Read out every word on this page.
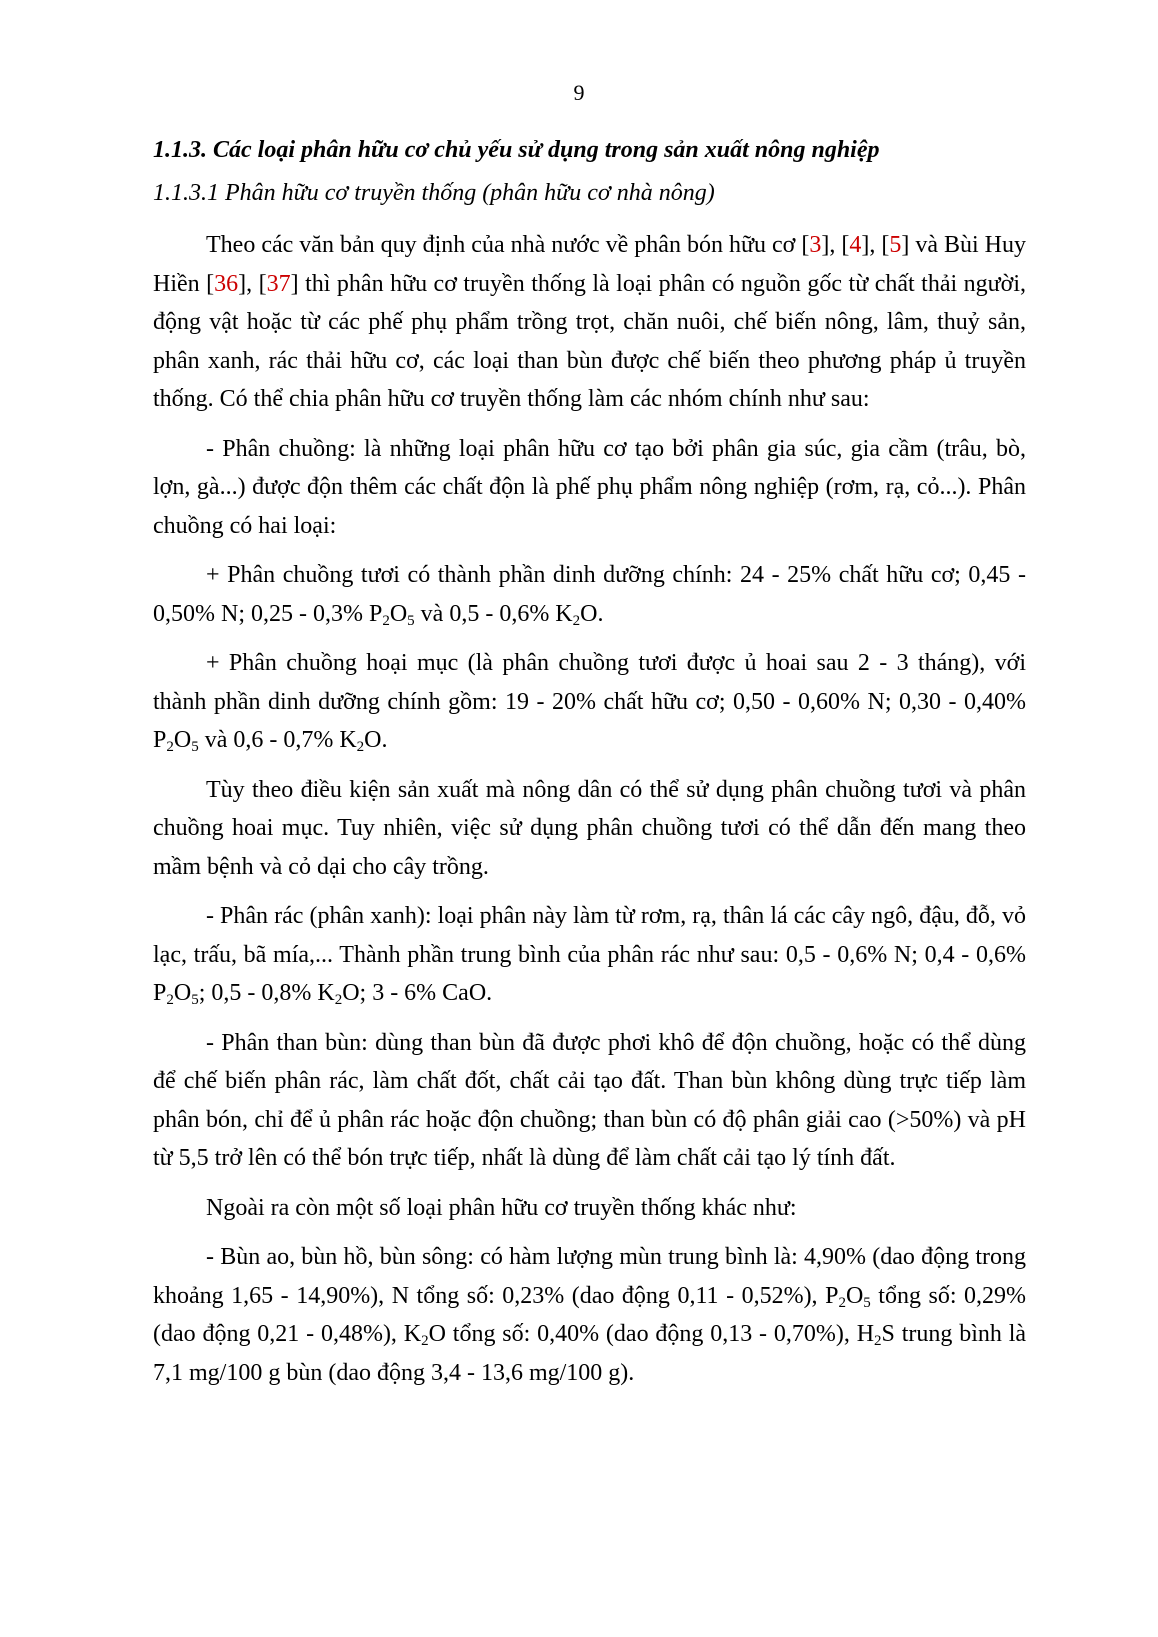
9

1.1.3. Các loại phân hữu cơ chủ yếu sử dụng trong sản xuất nông nghiệp

1.1.3.1 Phân hữu cơ truyền thống (phân hữu cơ nhà nông)

Theo các văn bản quy định của nhà nước về phân bón hữu cơ [3], [4], [5] và Bùi Huy Hiền [36], [37] thì phân hữu cơ truyền thống là loại phân có nguồn gốc từ chất thải người, động vật hoặc từ các phế phụ phẩm trồng trọt, chăn nuôi, chế biến nông, lâm, thuỷ sản, phân xanh, rác thải hữu cơ, các loại than bùn được chế biến theo phương pháp ủ truyền thống. Có thể chia phân hữu cơ truyền thống làm các nhóm chính như sau:

- Phân chuồng: là những loại phân hữu cơ tạo bởi phân gia súc, gia cầm (trâu, bò, lợn, gà...) được độn thêm các chất độn là phế phụ phẩm nông nghiệp (rơm, rạ, cỏ...). Phân chuồng có hai loại:

+ Phân chuồng tươi có thành phần dinh dưỡng chính: 24 - 25% chất hữu cơ; 0,45 - 0,50% N; 0,25 - 0,3% $P_2O_5$ và 0,5 - 0,6% $K_2O$.

+ Phân chuồng hoại mục (là phân chuồng tươi được ủ hoai sau 2 - 3 tháng), với thành phần dinh dưỡng chính gồm: 19 - 20% chất hữu cơ; 0,50 - 0,60% N; 0,30 - 0,40% $P_2O_5$ và 0,6 - 0,7% $K_2O$.

Tùy theo điều kiện sản xuất mà nông dân có thể sử dụng phân chuồng tươi và phân chuồng hoai mục. Tuy nhiên, việc sử dụng phân chuồng tươi có thể dẫn đến mang theo mầm bệnh và cỏ dại cho cây trồng.

- Phân rác (phân xanh): loại phân này làm từ rơm, rạ, thân lá các cây ngô, đậu, đỗ, vỏ lạc, trấu, bã mía,... Thành phần trung bình của phân rác như sau: 0,5 - 0,6% N; 0,4 - 0,6% $P_2O_5$; 0,5 - 0,8% $K_2O$; 3 - 6% CaO.

- Phân than bùn: dùng than bùn đã được phơi khô để độn chuồng, hoặc có thể dùng để chế biến phân rác, làm chất đốt, chất cải tạo đất. Than bùn không dùng trực tiếp làm phân bón, chỉ để ủ phân rác hoặc độn chuồng; than bùn có độ phân giải cao (>50%) và pH từ 5,5 trở lên có thể bón trực tiếp, nhất là dùng để làm chất cải tạo lý tính đất.

Ngoài ra còn một số loại phân hữu cơ truyền thống khác như:

- Bùn ao, bùn hồ, bùn sông: có hàm lượng mùn trung bình là: 4,90% (dao động trong khoảng 1,65 - 14,90%), N tổng số: 0,23% (dao động 0,11 - 0,52%), $P_2O_5$ tổng số: 0,29% (dao động 0,21 - 0,48%), $K_2O$ tổng số: 0,40% (dao động 0,13 - 0,70%), $H_2S$ trung bình là 7,1 mg/100 g bùn (dao động 3,4 - 13,6 mg/100 g).
